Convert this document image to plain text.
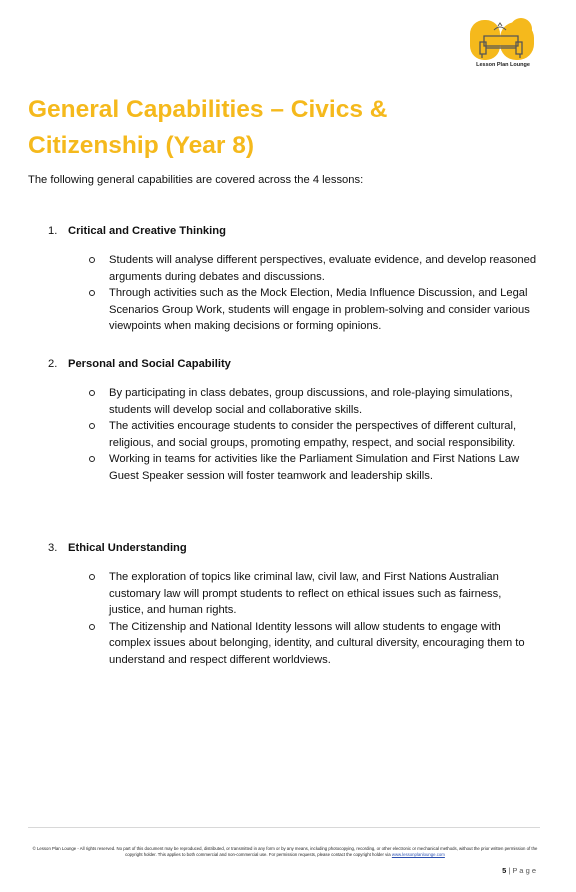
Lesson Plan Lounge
General Capabilities – Civics & Citizenship (Year 8)

The following general capabilities are covered across the 4 lessons:

1. Critical and Creative Thinking
Students will analyse different perspectives, evaluate evidence, and develop reasoned arguments during debates and discussions.
Through activities such as the Mock Election, Media Influence Discussion, and Legal Scenarios Group Work, students will engage in problem-solving and consider various viewpoints when making decisions or forming opinions.
2. Personal and Social Capability
By participating in class debates, group discussions, and role-playing simulations, students will develop social and collaborative skills.
The activities encourage students to consider the perspectives of different cultural, religious, and social groups, promoting empathy, respect, and social responsibility.
Working in teams for activities like the Parliament Simulation and First Nations Law Guest Speaker session will foster teamwork and leadership skills.
3. Ethical Understanding
The exploration of topics like criminal law, civil law, and First Nations Australian customary law will prompt students to reflect on ethical issues such as fairness, justice, and human rights.
The Citizenship and National Identity lessons will allow students to engage with complex issues about belonging, identity, and cultural diversity, encouraging them to understand and respect different worldviews.
© Lesson Plan Lounge - All rights reserved. No part of this document may be reproduced, distributed, or transmitted in any form or by any means, including photocopying, recording, or other electronic or mechanical methods, without the prior written permission of the copyright holder. This applies to both commercial and non-commercial use. For permission requests, please contact the copyright holder via www.lessonplanlounge.com
5 | P a g e
